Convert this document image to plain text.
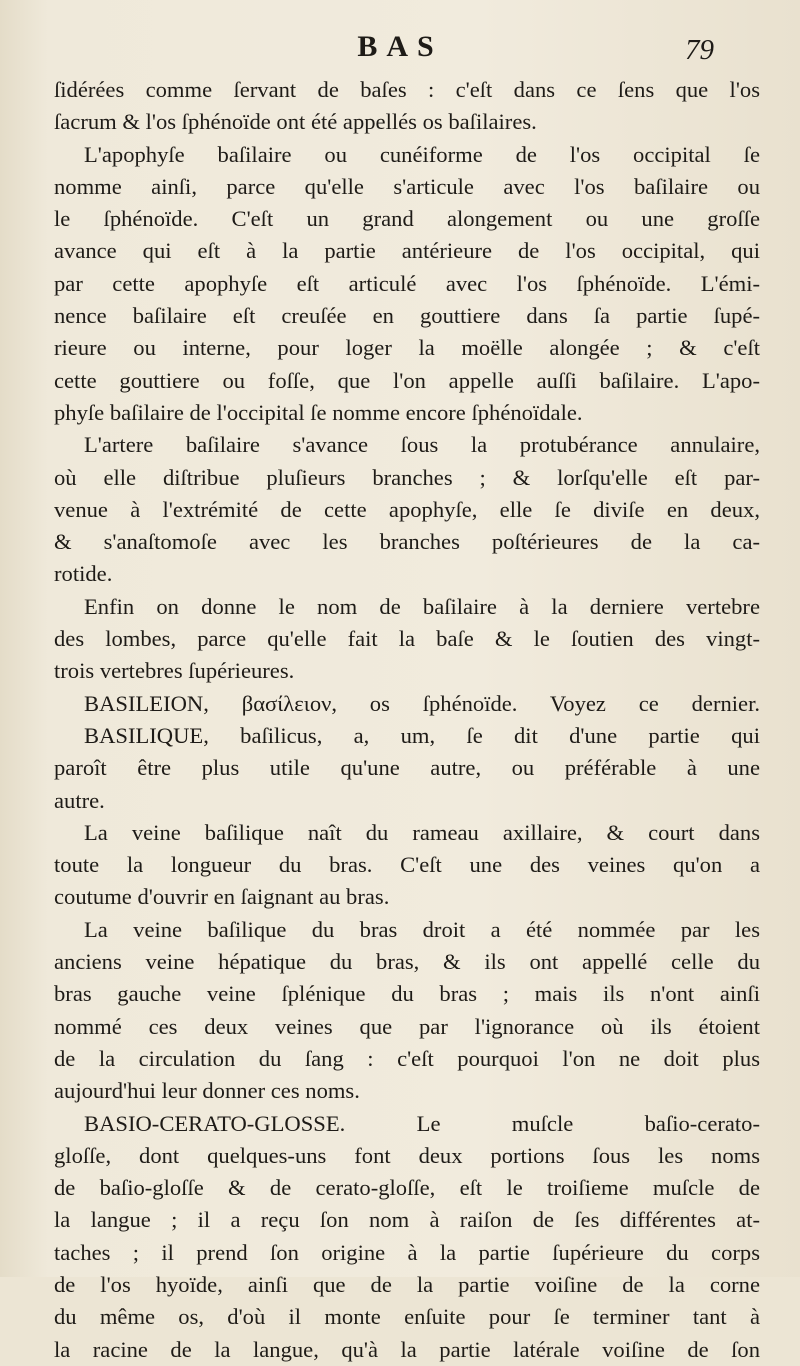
BAS	79
ſidérées comme ſervant de baſes : c'eſt dans ce ſens que l'os
ſacrum & l'os ſphénoïde ont été appellés os baſilaires.
L'apophyſe baſilaire ou cunéiforme de l'os occipital ſe
nomme ainſi, parce qu'elle s'articule avec l'os baſilaire ou
le ſphénoïde. C'eſt un grand alongement ou une groſſe
avance qui eſt à la partie antérieure de l'os occipital, qui
par cette apophyſe eſt articulé avec l'os ſphénoïde. L'émi-
nence baſilaire eſt creuſée en gouttiere dans ſa partie ſupé-
rieure ou interne, pour loger la moëlle alongée ; & c'eſt
cette gouttiere ou foſſe, que l'on appelle auſſi baſilaire. L'apo-
phyſe baſilaire de l'occipital ſe nomme encore ſphénoïdale.
L'artere baſilaire s'avance ſous la protubérance annulaire,
où elle diſtribue pluſieurs branches ; & lorſqu'elle eſt par-
venue à l'extrémité de cette apophyſe, elle ſe diviſe en deux,
& s'anaſtomoſe avec les branches poſtérieures de la ca-
rotide.
Enfin on donne le nom de baſilaire à la derniere vertebre
des lombes, parce qu'elle fait la baſe & le ſoutien des vingt-
trois vertebres ſupérieures.
BASILEION, βασίλειον, os ſphénoïde. Voyez ce dernier.
BASILIQUE, baſilicus, a, um, ſe dit d'une partie qui
paroît être plus utile qu'une autre, ou préférable à une
autre.
La veine baſilique naît du rameau axillaire, & court dans
toute la longueur du bras. C'eſt une des veines qu'on a
coutume d'ouvrir en ſaignant au bras.
La veine baſilique du bras droit a été nommée par les
anciens veine hépatique du bras, & ils ont appellé celle du
bras gauche veine ſplénique du bras ; mais ils n'ont ainſi
nommé ces deux veines que par l'ignorance où ils étoient
de la circulation du ſang : c'eſt pourquoi l'on ne doit plus
aujourd'hui leur donner ces noms.
BASIO-CERATO-GLOSSE. Le muſcle baſio-cerato-
gloſſe, dont quelques-uns font deux portions ſous les noms
de baſio-gloſſe & de cerato-gloſſe, eſt le troiſieme muſcle de
la langue ; il a reçu ſon nom à raiſon de ſes différentes at-
taches ; il prend ſon origine à la partie ſupérieure du corps
de l'os hyoïde, ainſi que de la partie voiſine de la corne
du même os, d'où il monte enſuite pour ſe terminer tant à
la racine de la langue, qu'à la partie latérale voiſine de ſon
